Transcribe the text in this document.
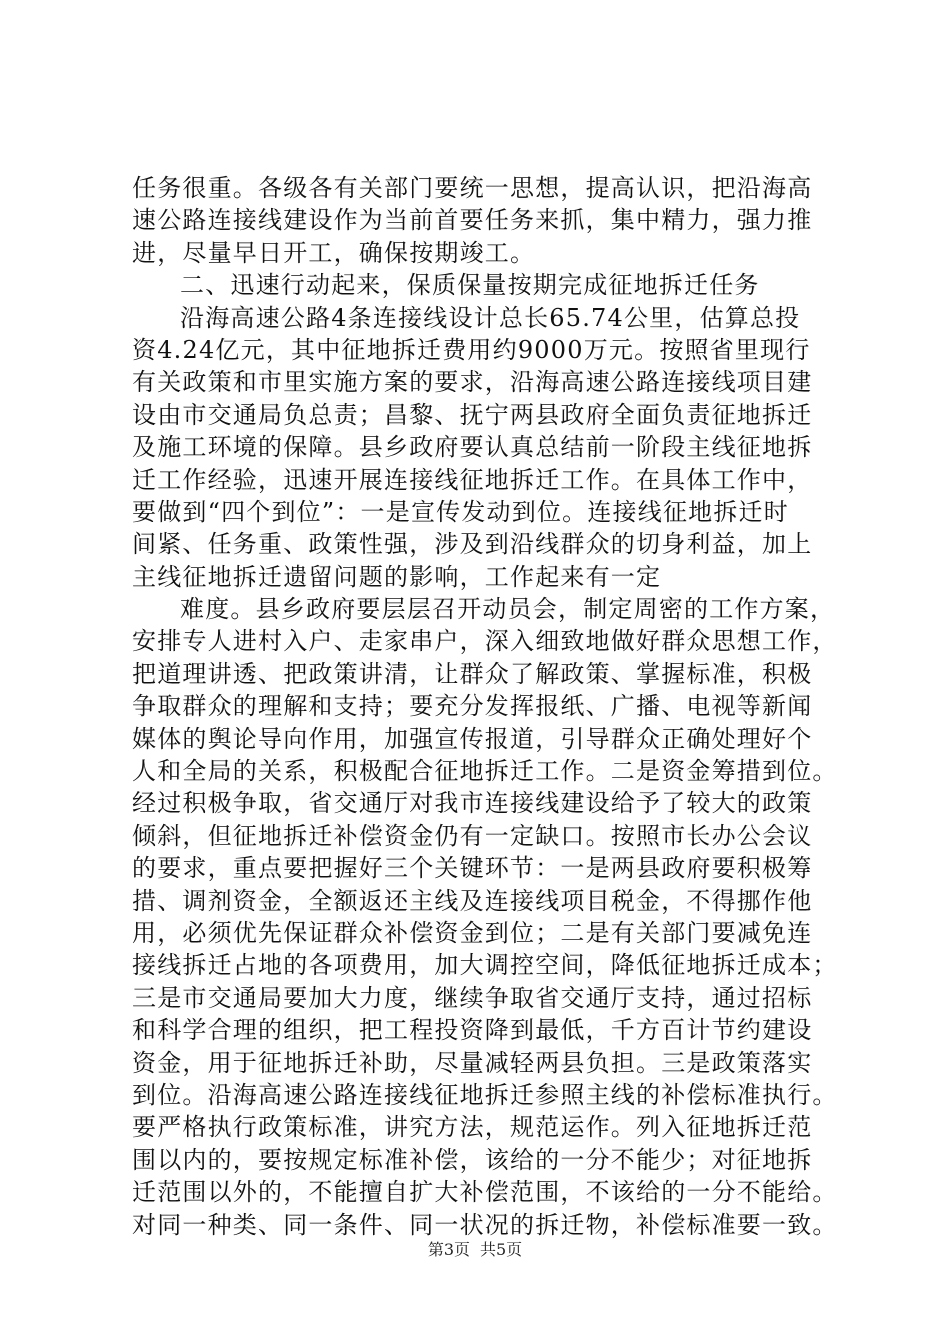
任务很重。各级各有关部门要统一思想，提高认识，把沿海高
速公路连接线建设作为当前首要任务来抓，集中精力，强力推
进，尽量早日开工，确保按期竣工。
二、迅速行动起来，保质保量按期完成征地拆迁任务
沿海高速公路4条连接线设计总长65.74公里，估算总投
资4.24亿元，其中征地拆迁费用约9000万元。按照省里现行
有关政策和市里实施方案的要求，沿海高速公路连接线项目建
设由市交通局负总责；昌黎、抚宁两县政府全面负责征地拆迁
及施工环境的保障。县乡政府要认真总结前一阶段主线征地拆
迁工作经验，迅速开展连接线征地拆迁工作。在具体工作中，
要做到“四个到位”：一是宣传发动到位。连接线征地拆迁时
间紧、任务重、政策性强，涉及到沿线群众的切身利益，加上
主线征地拆迁遗留问题的影响，工作起来有一定
难度。县乡政府要层层召开动员会，制定周密的工作方案，
安排专人进村入户、走家串户，深入细致地做好群众思想工作，
把道理讲透、把政策讲清，让群众了解政策、掌握标准，积极
争取群众的理解和支持；要充分发挥报纸、广播、电视等新闻
媒体的舆论导向作用，加强宣传报道，引导群众正确处理好个
人和全局的关系，积极配合征地拆迁工作。二是资金筹措到位。
经过积极争取，省交通厅对我市连接线建设给予了较大的政策
倾斜，但征地拆迁补偿资金仍有一定缺口。按照市长办公会议
的要求，重点要把握好三个关键环节：一是两县政府要积极筹
措、调剂资金，全额返还主线及连接线项目税金，不得挪作他
用，必须优先保证群众补偿资金到位；二是有关部门要减免连
接线拆迁占地的各项费用，加大调控空间，降低征地拆迁成本；
三是市交通局要加大力度，继续争取省交通厅支持，通过招标
和科学合理的组织，把工程投资降到最低，千方百计节约建设
资金，用于征地拆迁补助，尽量减轻两县负担。三是政策落实
到位。沿海高速公路连接线征地拆迁参照主线的补偿标准执行。
要严格执行政策标准，讲究方法，规范运作。列入征地拆迁范
围以内的，要按规定标准补偿，该给的一分不能少；对征地拆
迁范围以外的，不能擅自扩大补偿范围，不该给的一分不能给。
对同一种类、同一条件、同一状况的拆迁物，补偿标准要一致。
第3页 共5页
